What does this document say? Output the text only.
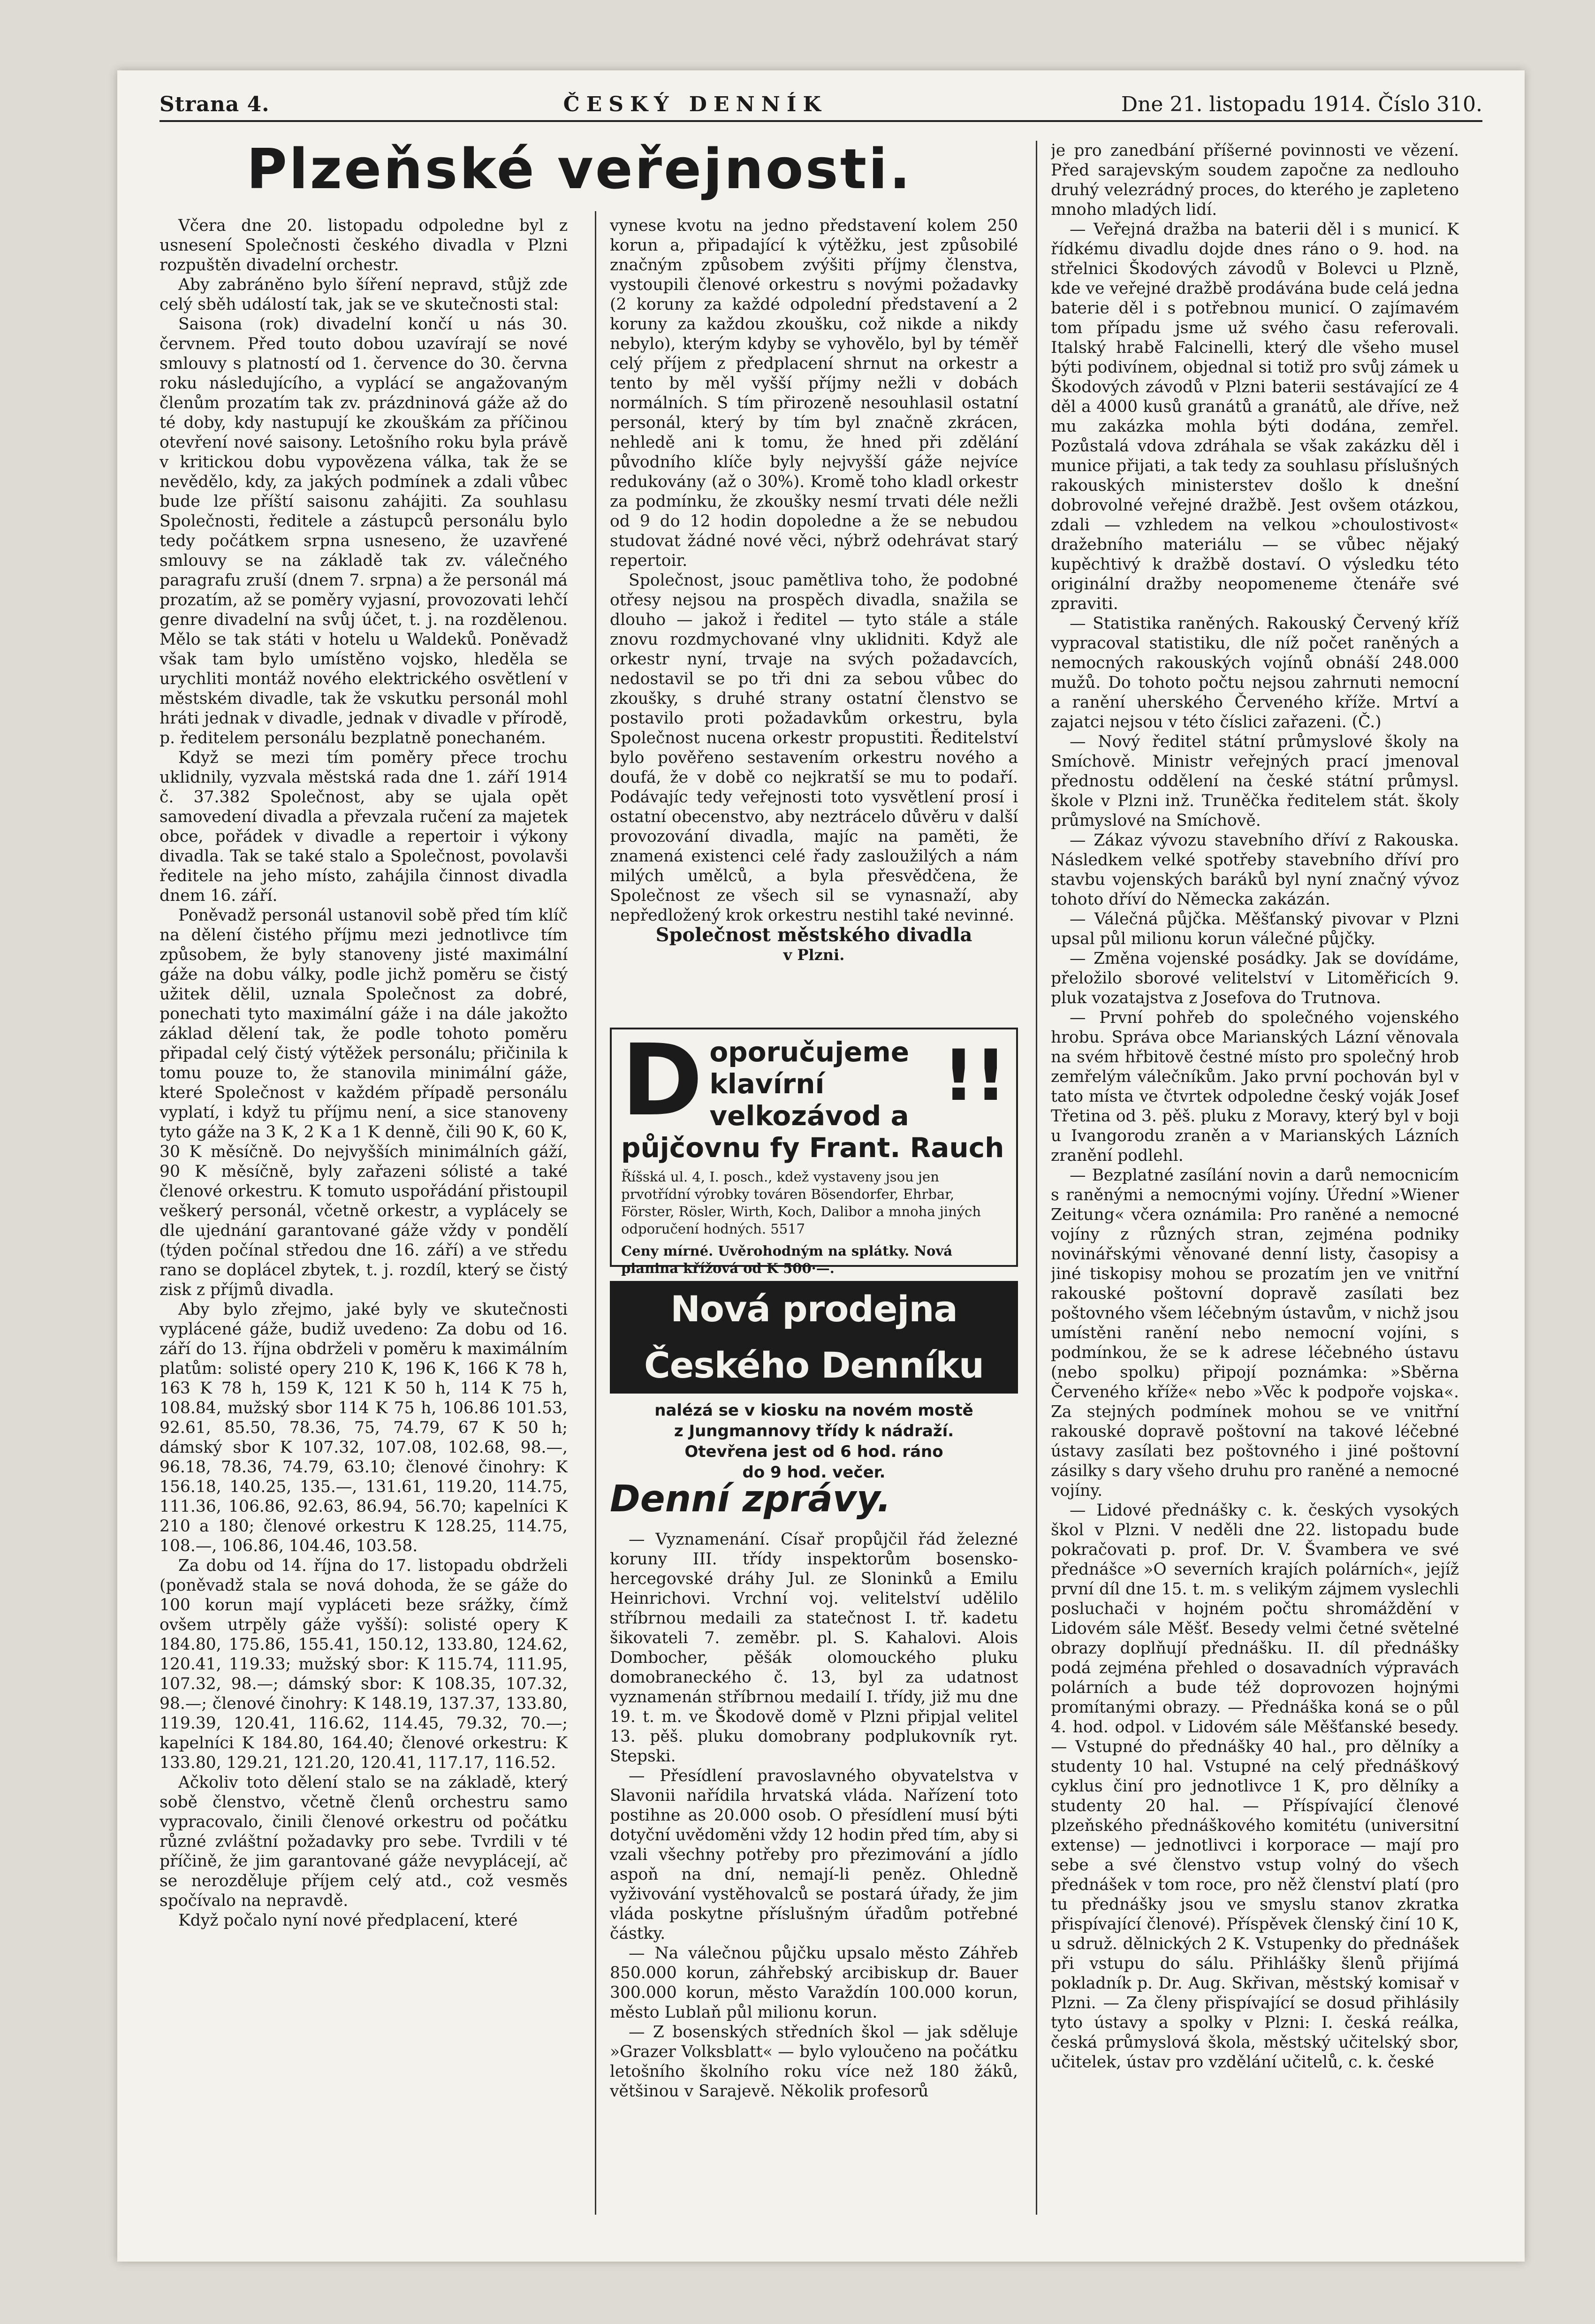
Strana 4.	ČESKÝ DENNÍK	Dne 21. listopadu 1914. Číslo 310.
Plzeňské veřejnosti.

Včera dne 20. listopadu odpoledne byl z usnesení Společnosti českého divadla v Plzni rozpuštěn divadelní orchestr.

Aby zabráněno bylo šíření nepravd, stůjž zde celý sběh událostí tak, jak se ve skutečnosti stal:

Saisona (rok) divadelní končí u nás 30. červnem. Před touto dobou uzavírají se nové smlouvy s platností od 1. července do 30. června roku následujícího, a vyplácí se angažovaným členům prozatím tak zv. prázdninová gáže až do té doby, kdy nastupují ke zkouškám za příčinou otevření nové saisony. Letošního roku byla právě v kritickou dobu vypovězena válka, tak že se nevědělo, kdy, za jakých podmínek a zdali vůbec bude lze příští saisonu zahájiti. Za souhlasu Společnosti, ředitele a zástupců personálu bylo tedy počátkem srpna usneseno, že uzavřené smlouvy se na základě tak zv. válečného paragrafu zruší (dnem 7. srpna) a že personál má prozatím, až se poměry vyjasní, provozovati lehčí genre divadelní na svůj účet, t. j. na rozdělenou. Mělo se tak státi v hotelu u Waldeků. Poněvadž však tam bylo umístěno vojsko, hleděla se urychliti montáž nového elektrického osvětlení v městském divadle, tak že vskutku personál mohl hráti jednak v divadle, jednak v divadle v přírodě, p. ředitelem personálu bezplatně ponechaném.

Když se mezi tím poměry přece trochu uklidnily, vyzvala městská rada dne 1. září 1914 č. 37.382 Společnost, aby se ujala opět samovedení divadla a převzala ručení za majetek obce, pořádek v divadle a repertoir i výkony divadla. Tak se také stalo a Společnost, povolavši ředitele na jeho místo, zahájila činnost divadla dnem 16. září.

Poněvadž personál ustanovil sobě před tím klíč na dělení čistého příjmu mezi jednotlivce tím způsobem, že byly stanoveny jisté maximální gáže na dobu války, podle jichž poměru se čistý užitek dělil, uznala Společnost za dobré, ponechati tyto maximální gáže i na dále jakožto základ dělení tak, že podle tohoto poměru připadal celý čistý výtěžek personálu; přičinila k tomu pouze to, že stanovila minimální gáže, které Společnost v každém případě personálu vyplatí, i když tu příjmu není, a sice stanoveny tyto gáže na 3 K, 2 K a 1 K denně, čili 90 K, 60 K, 30 K měsíčně. Do nejvyšších minimálních gáží, 90 K měsíčně, byly zařazeni sólisté a také členové orkestru. K tomuto uspořádání přistoupil veškerý personál, včetně orkestr, a vyplácely se dle ujednání garantované gáže vždy v pondělí (týden počínal středou dne 16. září) a ve středu rano se doplácel zbytek, t. j. rozdíl, který se čistý zisk z příjmů divadla.

Aby bylo zřejmo, jaké byly ve skutečnosti vyplácené gáže, budiž uvedeno: Za dobu od 16. září do 13. října obdrželi v poměru k maximálním platům: solisté opery 210 K, 196 K, 166 K 78 h, 163 K 78 h, 159 K, 121 K 50 h, 114 K 75 h, 108.84, mužský sbor 114 K 75 h, 106.86 101.53, 92.61, 85.50, 78.36, 75, 74.79, 67 K 50 h; dámský sbor K 107.32, 107.08, 102.68, 98.—, 96.18, 78.36, 74.79, 63.10; členové činohry: K 156.18, 140.25, 135.—, 131.61, 119.20, 114.75, 111.36, 106.86, 92.63, 86.94, 56.70; kapelníci K 210 a 180; členové orkestru K 128.25, 114.75, 108.—, 106.86, 104.46, 103.58.

Za dobu od 14. října do 17. listopadu obdrželi (poněvadž stala se nová dohoda, že se gáže do 100 korun mají vypláceti beze srážky, čímž ovšem utrpěly gáže vyšší): solisté opery K 184.80, 175.86, 155.41, 150.12, 133.80, 124.62, 120.41, 119.33; mužský sbor: K 115.74, 111.95, 107.32, 98.—; dámský sbor: K 108.35, 107.32, 98.—; členové činohry: K 148.19, 137.37, 133.80, 119.39, 120.41, 116.62, 114.45, 79.32, 70.—; kapelníci K 184.80, 164.40; členové orkestru: K 133.80, 129.21, 121.20, 120.41, 117.17, 116.52.

Ačkoliv toto dělení stalo se na základě, který sobě členstvo, včetně členů orchestru samo vypracovalo, činili členové orkestru od počátku různé zvláštní požadavky pro sebe. Tvrdili v té příčině, že jim garantované gáže nevyplácejí, ač se nerozděluje příjem celý atd., což vesměs spočívalo na nepravdě.

Když počalo nyní nové předplacení, které

vynese kvotu na jedno představení kolem 250 korun a, připadající k výtěžku, jest způsobilé značným způsobem zvýšiti příjmy členstva, vystoupili členové orkestru s novými požadavky (2 koruny za každé odpolední představení a 2 koruny za každou zkoušku, což nikde a nikdy nebylo), kterým kdyby se vyhovělo, byl by téměř celý příjem z předplacení shrnut na orkestr a tento by měl vyšší příjmy nežli v dobách normálních. S tím přirozeně nesouhlasil ostatní personál, který by tím byl značně zkrácen, nehledě ani k tomu, že hned při zdělání původního klíče byly nejvyšší gáže nejvíce redukovány (až o 30%). Kromě toho kladl orkestr za podmínku, že zkoušky nesmí trvati déle nežli od 9 do 12 hodin dopoledne a že se nebudou studovat žádné nové věci, nýbrž odehrávat starý repertoir.

Společnost, jsouc pamětliva toho, že podobné otřesy nejsou na prospěch divadla, snažila se dlouho — jakož i ředitel — tyto stále a stále znovu rozdmychované vlny uklidniti. Když ale orkestr nyní, trvaje na svých požadavcích, nedostavil se po tři dni za sebou vůbec do zkoušky, s druhé strany ostatní členstvo se postavilo proti požadavkům orkestru, byla Společnost nucena orkestr propustiti. Ředitelství bylo pověřeno sestavením orkestru nového a doufá, že v době co nejkratší se mu to podaří. Podávajíc tedy veřejnosti toto vysvětlení prosí i ostatní obecenstvo, aby neztrácelo důvěru v další provozování divadla, majíc na paměti, že znamená existenci celé řady zasloužilých a nám milých umělců, a byla přesvědčena, že Společnost ze všech sil se vynasnaží, aby nepředložený krok orkestru nestihl také nevinné.

Společnost městského divadla

v Plzni.
D	!!
oporučujeme klavírní velkozávod a půjčovnu fy Frant. Rauch
Říšská ul. 4, I. posch., kdež vystaveny jsou jen prvotřídní výrobky továren Bösendorfer, Ehrbar, Förster, Rösler, Wirth, Koch, Dalibor a mnoha jiných odporučení hodných. 5517
Ceny mírné. Uvěrohodným na splátky. Nová pianina křížová od K 500·—.
Nová prodejna Českého Denníku
nalézá se v kiosku na novém mostě
z Jungmannovy třídy k nádraží.
Otevřena jest od 6 hod. ráno
do 9 hod. večer.
Denní zprávy.

— Vyznamenání. Císař propůjčil řád železné koruny III. třídy inspektorům bosensko-hercegovské dráhy Jul. ze Sloninků a Emilu Heinrichovi. Vrchní voj. velitelství udělilo stříbrnou medaili za statečnost I. tř. kadetu šikovateli 7. zeměbr. pl. S. Kahalovi. Alois Dombocher, pěšák olomouckého pluku domobraneckého č. 13, byl za udatnost vyznamenán stříbrnou medailí I. třídy, již mu dne 19. t. m. ve Škodově domě v Plzni připjal velitel 13. pěš. pluku domobrany podplukovník ryt. Stepski.

— Přesídlení pravoslavného obyvatelstva v Slavonii nařídila hrvatská vláda. Nařízení toto postihne as 20.000 osob. O přesídlení musí býti dotyční uvědoměni vždy 12 hodin před tím, aby si vzali všechny potřeby pro přezimování a jídlo aspoň na dní, nemají-li peněz. Ohledně vyživování vystěhovalců se postará úřady, že jim vláda poskytne příslušným úřadům potřebné částky.

— Na válečnou půjčku upsalo město Záhřeb 850.000 korun, záhřebský arcibiskup dr. Bauer 300.000 korun, město Varaždín 100.000 korun, město Lublaň půl milionu korun.

— Z bosenských středních škol — jak sděluje »Grazer Volksblatt« — bylo vyloučeno na počátku letošního školního roku více než 180 žáků, většinou v Sarajevě. Několik profesorů

je pro zanedbání příšerné povinnosti ve vězení. Před sarajevským soudem započne za nedlouho druhý velezrádný proces, do kterého je zapleteno mnoho mladých lidí.

— Veřejná dražba na baterii děl i s municí. K řídkému divadlu dojde dnes ráno o 9. hod. na střelnici Škodových závodů v Bolevci u Plzně, kde ve veřejné dražbě prodávána bude celá jedna baterie děl i s potřebnou municí. O zajímavém tom případu jsme už svého času referovali. Italský hrabě Falcinelli, který dle všeho musel býti podivínem, objednal si totiž pro svůj zámek u Škodových závodů v Plzni baterii sestávající ze 4 děl a 4000 kusů granátů a granátů, ale dříve, než mu zakázka mohla býti dodána, zemřel. Pozůstalá vdova zdráhala se však zakázku děl i munice přijati, a tak tedy za souhlasu příslušných rakouských ministerstev došlo k dnešní dobrovolné veřejné dražbě. Jest ovšem otázkou, zdali — vzhledem na velkou »choulostivost« dražebního materiálu — se vůbec nějaký kupěchtivý k dražbě dostaví. O výsledku této originální dražby neopomeneme čtenáře své zpraviti.

— Statistika raněných. Rakouský Červený kříž vypracoval statistiku, dle níž počet raněných a nemocných rakouských vojínů obnáší 248.000 mužů. Do tohoto počtu nejsou zahrnuti nemocní a ranění uherského Červeného kříže. Mrtví a zajatci nejsou v této číslici zařazeni. (Č.)

— Nový ředitel státní průmyslové školy na Smíchově. Ministr veřejných prací jmenoval přednostu oddělení na české státní průmysl. škole v Plzni inž. Truněčka ředitelem stát. školy průmyslové na Smíchově.

— Zákaz vývozu stavebního dříví z Rakouska. Následkem velké spotřeby stavebního dříví pro stavbu vojenských baráků byl nyní značný vývoz tohoto dříví do Německa zakázán.

— Válečná půjčka. Měšťanský pivovar v Plzni upsal půl milionu korun válečné půjčky.

— Změna vojenské posádky. Jak se dovídáme, přeložilo sborové velitelství v Litoměřicích 9. pluk vozatajstva z Josefova do Trutnova.

— První pohřeb do společného vojenského hrobu. Správa obce Marianských Lázní věnovala na svém hřbitově čestné místo pro společný hrob zemřelým válečníkům. Jako první pochován byl v tato místa ve čtvrtek odpoledne český voják Josef Třetina od 3. pěš. pluku z Moravy, který byl v boji u Ivangorodu zraněn a v Marianských Lázních zranění podlehl.

— Bezplatné zasílání novin a darů nemocnicím s raněnými a nemocnými vojíny. Úřední »Wiener Zeitung« včera oznámila: Pro raněné a nemocné vojíny z různých stran, zejména podniky novinářskými věnované denní listy, časopisy a jiné tiskopisy mohou se prozatím jen ve vnitřní rakouské poštovní dopravě zasílati bez poštovného všem léčebným ústavům, v nichž jsou umístěni ranění nebo nemocní vojíni, s podmínkou, že se k adrese léčebného ústavu (nebo spolku) připojí poznámka: »Sběrna Červeného kříže« nebo »Věc k podpoře vojska«. Za stejných podmínek mohou se ve vnitřní rakouské dopravě poštovní na takové léčebné ústavy zasílati bez poštovného i jiné poštovní zásilky s dary všeho druhu pro raněné a nemocné vojíny.

— Lidové přednášky c. k. českých vysokých škol v Plzni. V neděli dne 22. listopadu bude pokračovati p. prof. Dr. V. Švambera ve své přednášce »O severních krajích polárních«, jejíž první díl dne 15. t. m. s velikým zájmem vyslechli posluchači v hojném počtu shromáždění v Lidovém sále Měšť. Besedy velmi četné světelné obrazy doplňují přednášku. II. díl přednášky podá zejména přehled o dosavadních výpravách polárních a bude též doprovozen hojnými promítanými obrazy. — Přednáška koná se o půl 4. hod. odpol. v Lidovém sále Měšťanské besedy. — Vstupné do přednášky 40 hal., pro dělníky a studenty 10 hal. Vstupné na celý přednáškový cyklus činí pro jednotlivce 1 K, pro dělníky a studenty 20 hal. — Příspívající členové plzeňského přednáškového komitétu (universitní extense) — jednotlivci i korporace — mají pro sebe a své členstvo vstup volný do všech přednášek v tom roce, pro něž členství platí (pro tu přednášky jsou ve smyslu stanov zkratka přispívající členové). Příspěvek členský činí 10 K, u sdruž. dělnických 2 K. Vstupenky do přednášek při vstupu do sálu. Přihlášky šlenů přijímá pokladník p. Dr. Aug. Skřivan, městský komisař v Plzni. — Za členy přispívající se dosud přihlásily tyto ústavy a spolky v Plzni: I. česká reálka, česká průmyslová škola, městský učitelský sbor, učitelek, ústav pro vzdělání učitelů, c. k. české
